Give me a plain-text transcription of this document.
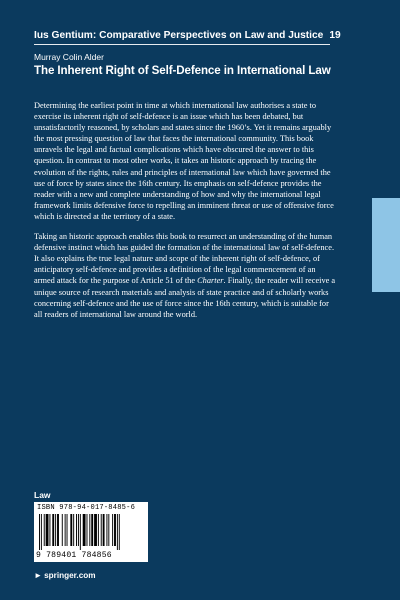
Ius Gentium: Comparative Perspectives on Law and Justice 19
Murray Colin Alder
The Inherent Right of Self-Defence in International Law

Determining the earliest point in time at which international law authorises a state to exercise its inherent right of self-defence is an issue which has been debated, but unsatisfactorily reasoned, by scholars and states since the 1960’s. Yet it remains arguably the most pressing question of law that faces the international community. This book unravels the legal and factual complications which have obscured the answer to this question. In contrast to most other works, it takes an historic approach by tracing the evolution of the rights, rules and principles of international law which have governed the use of force by states since the 16th century. Its emphasis on self-defence provides the reader with a new and complete understanding of how and why the international legal framework limits defensive force to repelling an imminent threat or use of offensive force which is directed at the territory of a state.

Taking an historic approach enables this book to resurrect an understanding of the human defensive instinct which has guided the formation of the international law of self-defence. It also explains the true legal nature and scope of the inherent right of self-defence, of anticipatory self-defence and provides a definition of the legal commencement of an armed attack for the purpose of Article 51 of the Charter. Finally, the reader will receive a unique source of research materials and analysis of state practice and of scholarly works concerning self-defence and the use of force since the 16th century, which is suitable for all readers of international law around the world.

Law
ISBN 978-94-017-8485-6
9 789401 784856
► springer.com
